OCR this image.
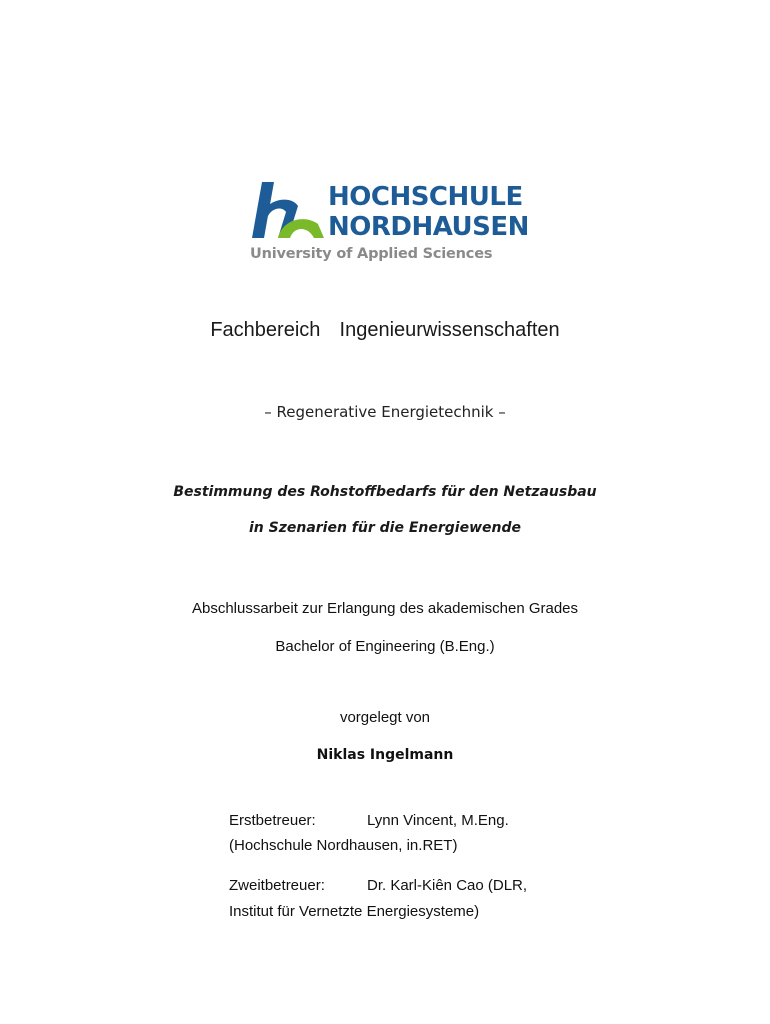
HOCHSCHULE
NORDHAUSEN
University of Applied Sciences
Fachbereich  Ingenieurwissenschaften
– Regenerative Energietechnik –
Bestimmung des Rohstoffbedarfs für den Netzausbau
in Szenarien für die Energiewende
Abschlussarbeit zur Erlangung des akademischen Grades
Bachelor of Engineering (B.Eng.)
vorgelegt von
Niklas Ingelmann
Erstbetreuer:	Lynn Vincent, M.Eng.
(Hochschule Nordhausen, in.RET)
Zweitbetreuer:	Dr. Karl-Kiên Cao (DLR,
Institut für Vernetzte Energiesysteme)
